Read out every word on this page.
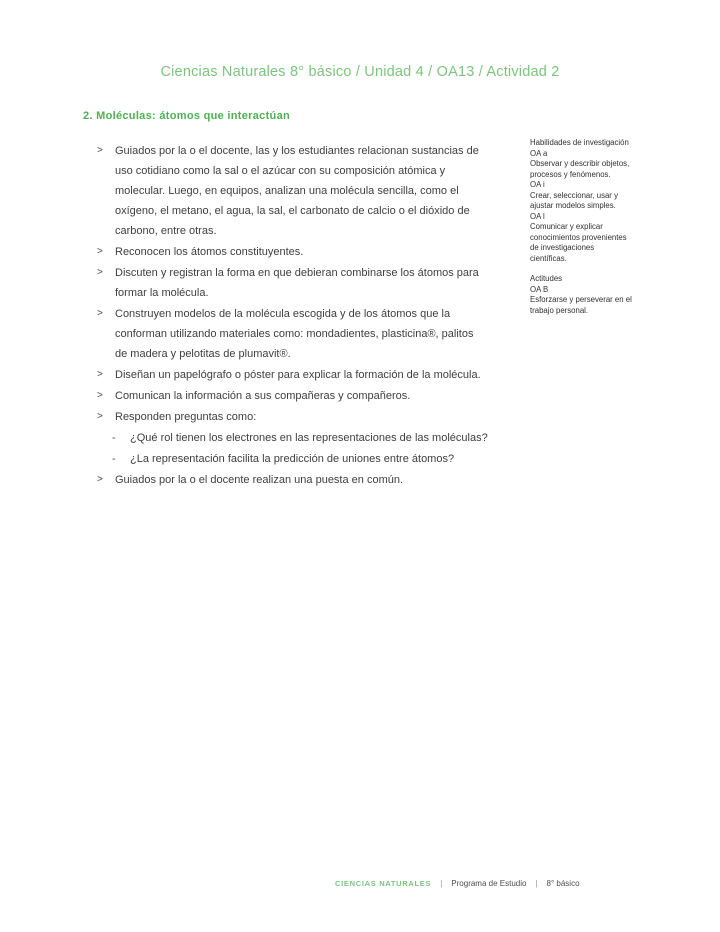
Ciencias Naturales 8° básico / Unidad 4 / OA13 / Actividad 2
2. Moléculas: átomos que interactúan
>	Guiados por la o el docente, las y los estudiantes relacionan sustancias de uso cotidiano como la sal o el azúcar con su composición atómica y molecular. Luego, en equipos, analizan una molécula sencilla, como el oxígeno, el metano, el agua, la sal, el carbonato de calcio o el dióxido de carbono, entre otras.
>	Reconocen los átomos constituyentes.
>	Discuten y registran la forma en que debieran combinarse los átomos para formar la molécula.
>	Construyen modelos de la molécula escogida y de los átomos que la conforman utilizando materiales como: mondadientes, plasticina®, palitos de madera y pelotitas de plumavit®.
>	Diseñan un papelógrafo o póster para explicar la formación de la molécula.
>	Comunican la información a sus compañeras y compañeros.
>	Responden preguntas como:
-	¿Qué rol tienen los electrones en las representaciones de las moléculas?
-	¿La representación facilita la predicción de uniones entre átomos?
>	Guiados por la o el docente realizan una puesta en común.
Habilidades de investigación
OA a
Observar y describir objetos, procesos y fenómenos.
OA i
Crear, seleccionar, usar y ajustar modelos simples.
OA l
Comunicar y explicar conocimientos provenientes de investigaciones científicas.
Actitudes
OA B
Esforzarse y perseverar en el trabajo personal.
CIENCIAS NATURALES | Programa de Estudio | 8° básico
